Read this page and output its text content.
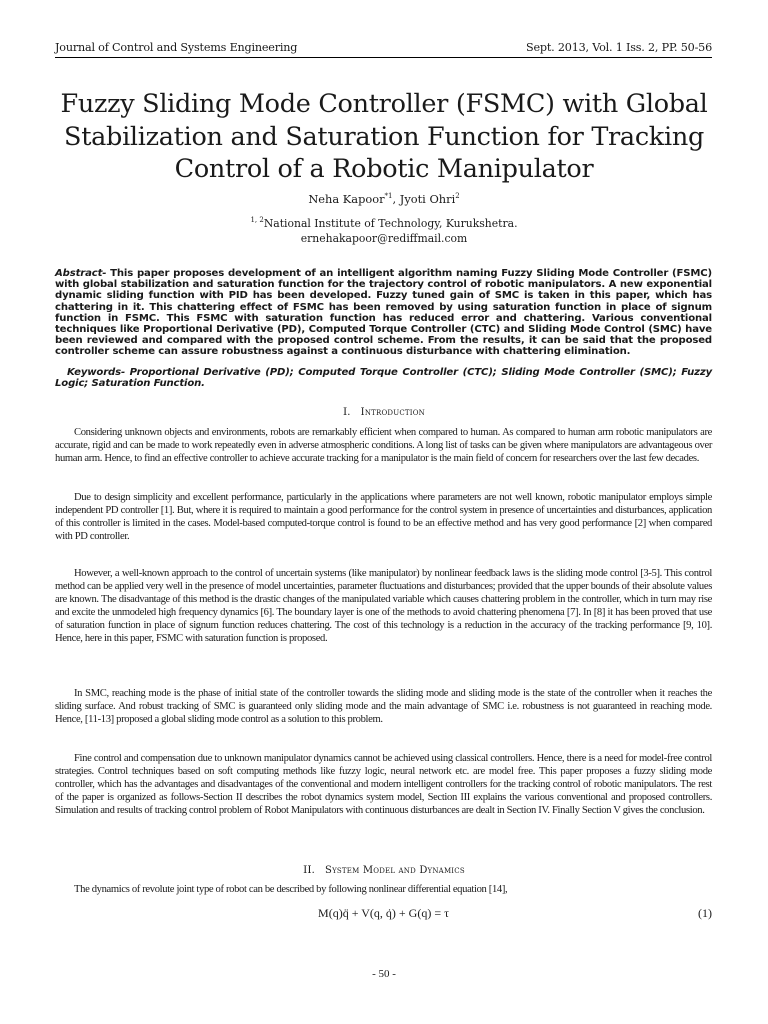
Journal of Control and Systems Engineering	Sept. 2013, Vol. 1 Iss. 2, PP. 50-56
Fuzzy Sliding Mode Controller (FSMC) with Global
Stabilization and Saturation Function for Tracking
Control of a Robotic Manipulator
Neha Kapoor$^{*1}$, Jyoti Ohri$^2$
$^{1, 2}$National Institute of Technology, Kurukshetra.
ernehakapoor@rediffmail.com
Abstract- This paper proposes development of an intelligent algorithm naming Fuzzy Sliding Mode Controller (FSMC) with global stabilization and saturation function for the trajectory control of robotic manipulators. A new exponential dynamic sliding function with PID has been developed. Fuzzy tuned gain of SMC is taken in this paper, which has chattering in it. This chattering effect of FSMC has been removed by using saturation function in place of signum function in FSMC. This FSMC with saturation function has reduced error and chattering. Various conventional techniques like Proportional Derivative (PD), Computed Torque Controller (CTC) and Sliding Mode Control (SMC) have been reviewed and compared with the proposed control scheme. From the results, it can be said that the proposed controller scheme can assure robustness against a continuous disturbance with chattering elimination.
Keywords- Proportional Derivative (PD); Computed Torque Controller (CTC); Sliding Mode Controller (SMC); Fuzzy Logic; Saturation Function.
I. Introduction
Considering unknown objects and environments, robots are remarkably efficient when compared to human. As compared to human arm robotic manipulators are accurate, rigid and can be made to work repeatedly even in adverse atmospheric conditions. A long list of tasks can be given where manipulators are advantageous over human arm. Hence, to find an effective controller to achieve accurate tracking for a manipulator is the main field of concern for researchers over the last few decades.
Due to design simplicity and excellent performance, particularly in the applications where parameters are not well known, robotic manipulator employs simple independent PD controller [1]. But, where it is required to maintain a good performance for the control system in presence of uncertainties and disturbances, application of this controller is limited in the cases. Model-based computed-torque control is found to be an effective method and has very good performance [2] when compared with PD controller.
However, a well-known approach to the control of uncertain systems (like manipulator) by nonlinear feedback laws is the sliding mode control [3-5]. This control method can be applied very well in the presence of model uncertainties, parameter fluctuations and disturbances; provided that the upper bounds of their absolute values are known. The disadvantage of this method is the drastic changes of the manipulated variable which causes chattering problem in the controller, which in turn may rise and excite the unmodeled high frequency dynamics [6]. The boundary layer is one of the methods to avoid chattering phenomena [7]. In [8] it has been proved that use of saturation function in place of signum function reduces chattering. The cost of this technology is a reduction in the accuracy of the tracking performance [9, 10]. Hence, here in this paper, FSMC with saturation function is proposed.
In SMC, reaching mode is the phase of initial state of the controller towards the sliding mode and sliding mode is the state of the controller when it reaches the sliding surface. And robust tracking of SMC is guaranteed only sliding mode and the main advantage of SMC i.e. robustness is not guaranteed in reaching mode. Hence, [11-13] proposed a global sliding mode control as a solution to this problem.
Fine control and compensation due to unknown manipulator dynamics cannot be achieved using classical controllers. Hence, there is a need for model-free control strategies. Control techniques based on soft computing methods like fuzzy logic, neural network etc. are model free. This paper proposes a fuzzy sliding mode controller, which has the advantages and disadvantages of the conventional and modern intelligent controllers for the tracking control of robotic manipulators. The rest of the paper is organized as follows-Section II describes the robot dynamics system model, Section III explains the various conventional and proposed controllers. Simulation and results of tracking control problem of Robot Manipulators with continuous disturbances are dealt in Section IV. Finally Section V gives the conclusion.
II. System Model and Dynamics
The dynamics of revolute joint type of robot can be described by following nonlinear differential equation [14],
M(q)q̈ + V(q, q̇) + G(q) = τ	(1)
- 50 -
